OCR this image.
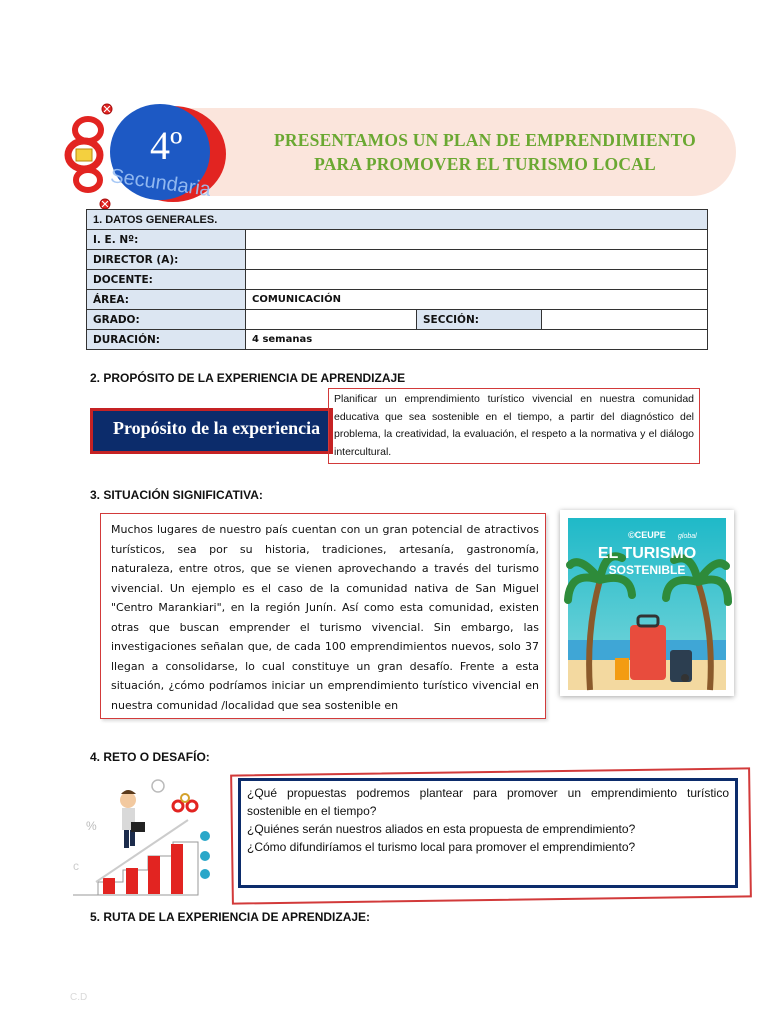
PRESENTAMOS UN PLAN DE EMPRENDIMIENTO PARA PROMOVER EL TURISMO LOCAL
4º
Secundaria
1. DATOS GENERALES.			
I. E. Nº:			
DIRECTOR (A):			
DOCENTE:			
ÁREA:	COMUNICACIÓN		
GRADO:		SECCIÓN:	
DURACIÓN:	4 semanas		
2. PROPÓSITO DE LA EXPERIENCIA DE APRENDIZAJE
Propósito de la experiencia
Planificar un emprendimiento turístico vivencial en nuestra comunidad educativa que sea sostenible en el tiempo, a partir del diagnóstico del problema, la creatividad, la evaluación, el respeto a la normativa y el diálogo intercultural.
3. SITUACIÓN SIGNIFICATIVA:
Muchos lugares de nuestro país cuentan con un gran potencial de atractivos turísticos, sea por su historia, tradiciones, artesanía, gastronomía, naturaleza, entre otros, que se vienen aprovechando a través del turismo vivencial. Un ejemplo es el caso de la comunidad nativa de San Miguel "Centro Marankiari", en la región Junín. Así como esta comunidad, existen otras que buscan emprender el turismo vivencial. Sin embargo, las investigaciones señalan que, de cada 100 emprendimientos nuevos, solo 37 llegan a consolidarse, lo cual constituye un gran desafío. Frente a esta situación, ¿cómo podríamos iniciar un emprendimiento turístico vivencial en nuestra comunidad /localidad que sea sostenible en
©CEUPE global
EL TURISMO
SOSTENIBLE
4. RETO O DESAFÍO:
%
c

¿Qué propuestas podremos plantear para promover un emprendimiento turístico sostenible en el tiempo?

¿Quiénes serán nuestros aliados en esta propuesta de emprendimiento?

¿Cómo difundiríamos el turismo local para promover el emprendimiento?

5. RUTA DE LA EXPERIENCIA DE APRENDIZAJE:
C.D
